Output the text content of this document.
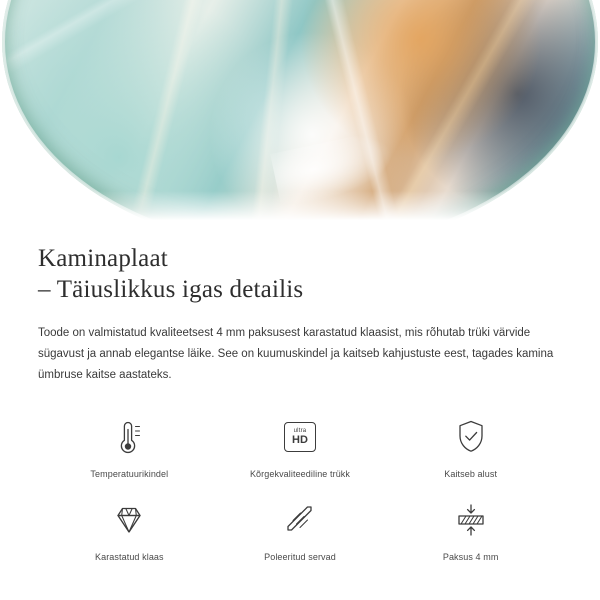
Kaminaplaat
– Täiuslikkus igas detailis

Toode on valmistatud kvaliteetsest 4 mm paksusest karastatud klaasist, mis rõhutab trüki värvide sügavust ja annab elegantse läike. See on kuumuskindel ja kaitseb kahjustuste eest, tagades kamina ümbruse kaitse aastateks.

Temperatuurikindel
ultra
HD
Kõrgekvaliteediline trükk	Kaitseb alust
Karastatud klaas	Poleeritud servad	Paksus 4 mm
